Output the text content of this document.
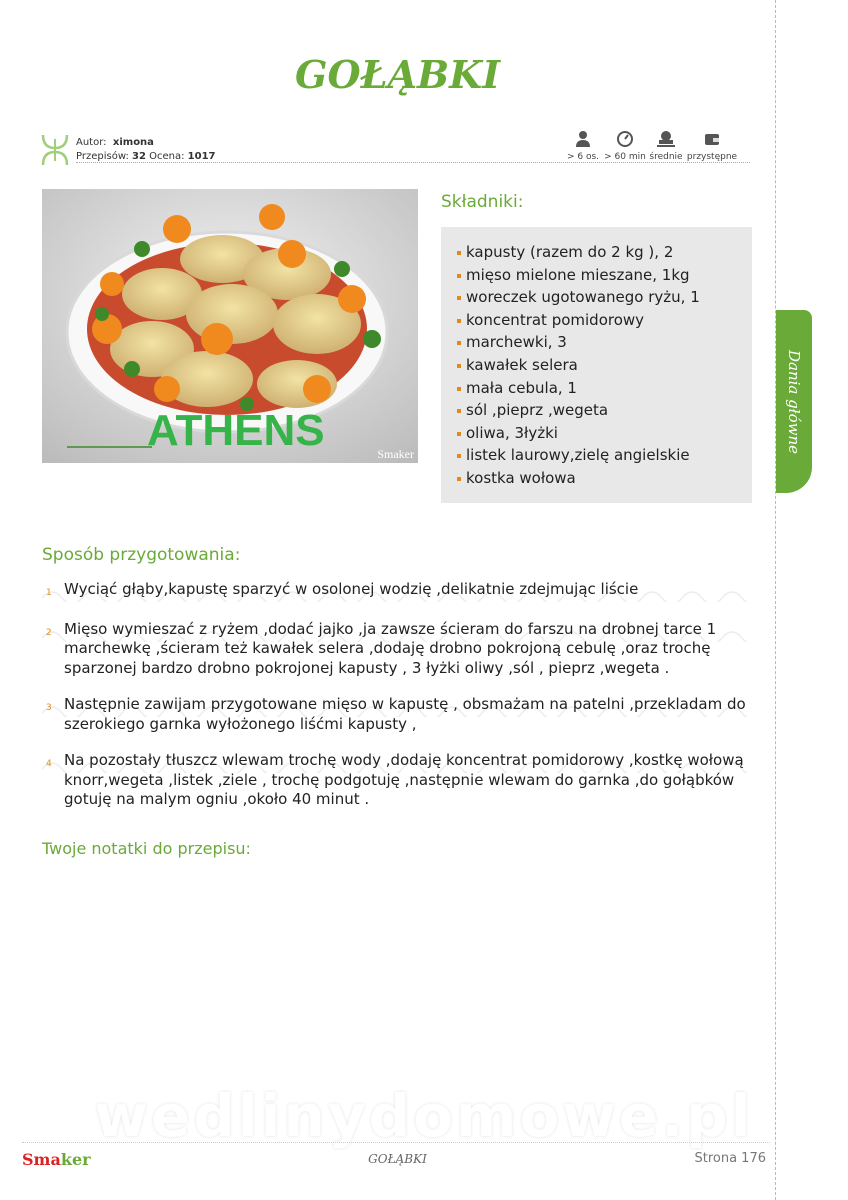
Dania główne
GOŁĄBKI
Autor: ximona
Przepisów: 32 Ocena: 1017	> 6 os. > 60 min średnie przystępne
ATHENS	Smaker
Składniki:
kapusty (razem do 2 kg ), 2
mięso mielone mieszane, 1kg
woreczek ugotowanego ryżu, 1
koncentrat pomidorowy
marchewki, 3
kawałek selera
mała cebula, 1
sól ,pieprz ,wegeta
oliwa, 3łyżki
listek laurowy,zielę angielskie
kostka wołowa
Sposób przygotowania:
1 Wyciąć głąby,kapustę sparzyć w osolonej wodzię ,delikatnie zdejmując liście
2 Mięso wymieszać z ryżem ,dodać jajko ,ja zawsze ścieram do farszu na drobnej tarce 1 marchewkę ,ścieram też kawałek selera ,dodaję drobno pokrojoną cebulę ,oraz trochę sparzonej bardzo drobno pokrojonej kapusty , 3 łyżki oliwy ,sól , pieprz ,wegeta .
3 Następnie zawijam przygotowane mięso w kapustę , obsmażam na patelni ,przekladam do szerokiego garnka wyłożonego liśćmi kapusty ,
4 Na pozostały tłuszcz wlewam trochę wody ,dodaję koncentrat pomidorowy ,kostkę wołową knorr,wegeta ,listek ,ziele , trochę podgotuję ,następnie wlewam do garnka ,do gołąbków gotuję na malym ogniu ,około 40 minut .
Twoje notatki do przepisu:
wedlinydomowe.pl
Smaker	GOŁĄBKI	Strona 176
